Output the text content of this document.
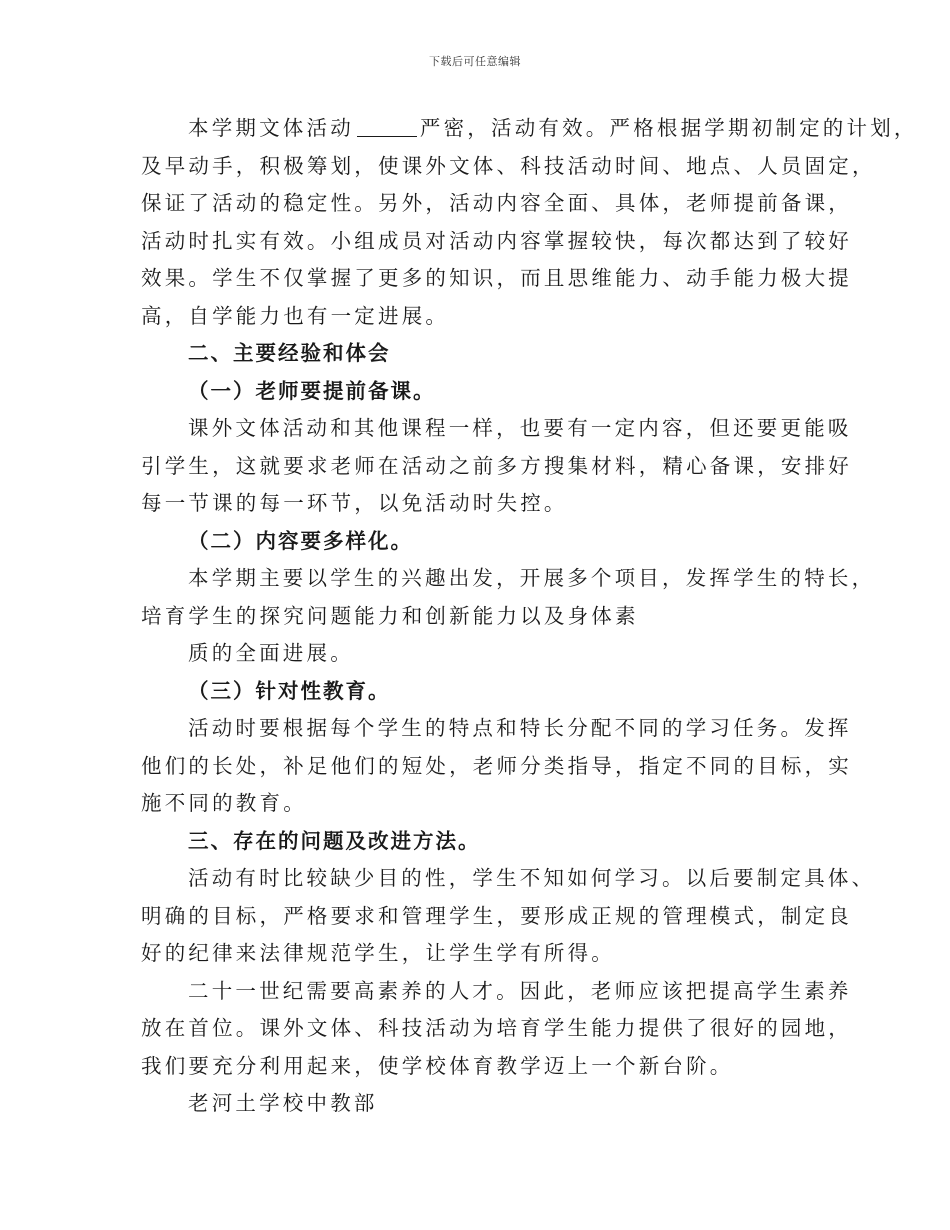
下载后可任意编辑
本学期文体活动	严密，活动有效。严格根据学期初制定的计划，
及早动手，积极筹划，使课外文体、科技活动时间、地点、人员固定，
保证了活动的稳定性。另外，活动内容全面、具体，老师提前备课，
活动时扎实有效。小组成员对活动内容掌握较快，每次都达到了较好
效果。学生不仅掌握了更多的知识，而且思维能力、动手能力极大提
高，自学能力也有一定进展。
二、主要经验和体会
（一）老师要提前备课。
课外文体活动和其他课程一样，也要有一定内容，但还要更能吸
引学生，这就要求老师在活动之前多方搜集材料，精心备课，安排好
每一节课的每一环节，以免活动时失控。
（二）内容要多样化。
本学期主要以学生的兴趣出发，开展多个项目，发挥学生的特长，
培育学生的探究问题能力和创新能力以及身体素
质的全面进展。
（三）针对性教育。
活动时要根据每个学生的特点和特长分配不同的学习任务。发挥
他们的长处，补足他们的短处，老师分类指导，指定不同的目标，实
施不同的教育。
三、存在的问题及改进方法。
活动有时比较缺少目的性，学生不知如何学习。以后要制定具体、
明确的目标，严格要求和管理学生，要形成正规的管理模式，制定良
好的纪律来法律规范学生，让学生学有所得。
二十一世纪需要高素养的人才。因此，老师应该把提高学生素养
放在首位。课外文体、科技活动为培育学生能力提供了很好的园地，
我们要充分利用起来，使学校体育教学迈上一个新台阶。
老河土学校中教部
